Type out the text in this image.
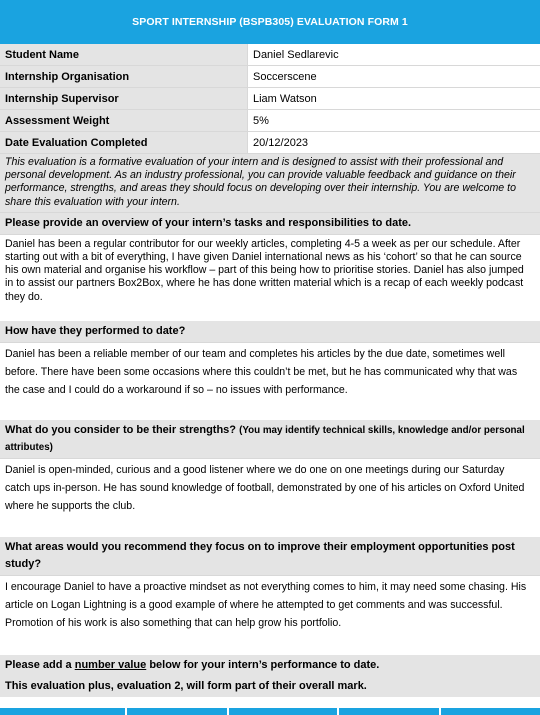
SPORT INTERNSHIP (BSPB305) EVALUATION FORM 1
Student Name	Daniel Sedlarevic
Internship Organisation	Soccerscene
Internship Supervisor	Liam Watson
Assessment Weight	5%
Date Evaluation Completed	20/12/2023
This evaluation is a formative evaluation of your intern and is designed to assist with their professional and personal development. As an industry professional, you can provide valuable feedback and guidance on their performance, strengths, and areas they should focus on developing over their internship. You are welcome to share this evaluation with your intern.
Please provide an overview of your intern’s tasks and responsibilities to date.
Daniel has been a regular contributor for our weekly articles, completing 4-5 a week as per our schedule. After starting out with a bit of everything, I have given Daniel international news as his ‘cohort’ so that he can source his own material and organise his workflow – part of this being how to prioritise stories. Daniel has also jumped in to assist our partners Box2Box, where he has done written material which is a recap of each weekly podcast they do.
How have they performed to date?
Daniel has been a reliable member of our team and completes his articles by the due date, sometimes well before. There have been some occasions where this couldn’t be met, but he has communicated why that was the case and I could do a workaround if so – no issues with performance.
What do you consider to be their strengths? (You may identify technical skills, knowledge and/or personal attributes)
Daniel is open-minded, curious and a good listener where we do one on one meetings during our Saturday catch ups in-person. He has sound knowledge of football, demonstrated by one of his articles on Oxford United where he supports the club.
What areas would you recommend they focus on to improve their employment opportunities post study?
I encourage Daniel to have a proactive mindset as not everything comes to him, it may need some chasing. His article on Logan Lightning is a good example of where he attempted to get comments and was successful. Promotion of his work is also something that can help grow his portfolio.
Please add a
number value
below for your intern’s performance to date.
This evaluation plus, evaluation 2, will form part of their overall mark.
